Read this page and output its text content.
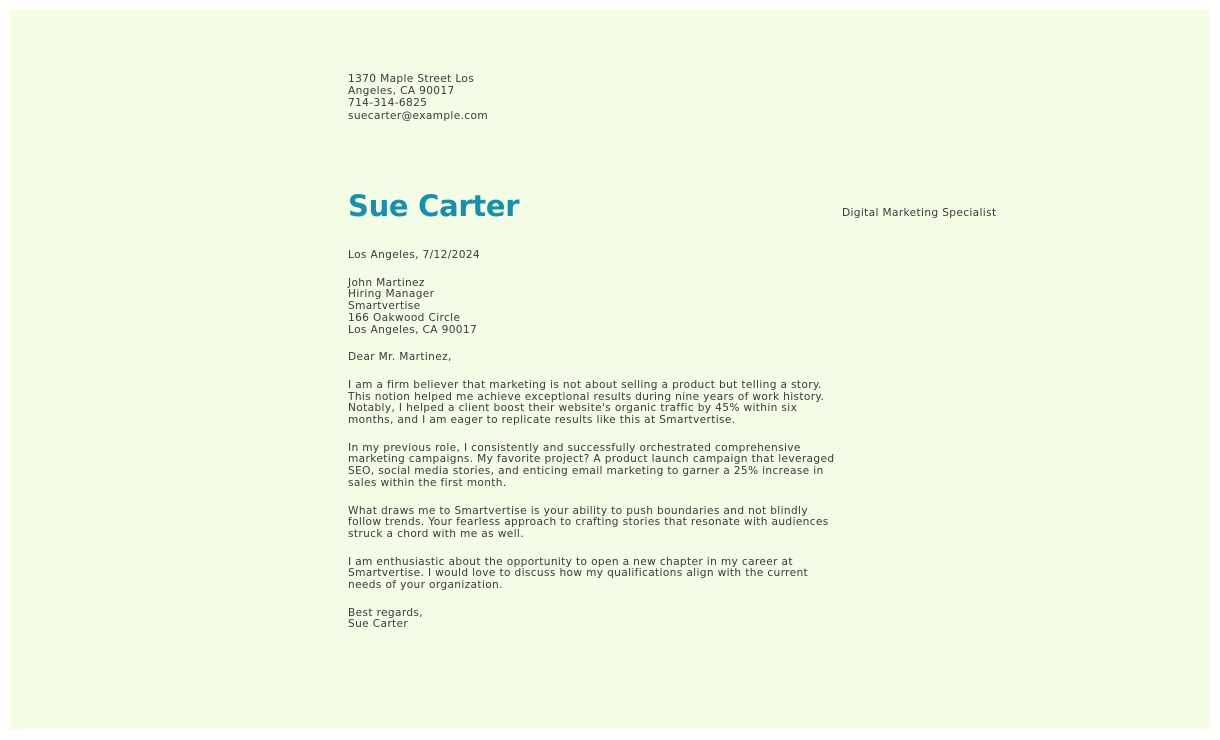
1370 Maple Street Los
Angeles, CA 90017
714-314-6825
suecarter@example.com
Sue Carter	Digital Marketing Specialist
Los Angeles, 7/12/2024
John Martinez
Hiring Manager
Smartvertise
166 Oakwood Circle
Los Angeles, CA 90017
Dear Mr. Martinez,
I am a firm believer that marketing is not about selling a product but telling a story.
This notion helped me achieve exceptional results during nine years of work history.
Notably, I helped a client boost their website's organic traffic by 45% within six
months, and I am eager to replicate results like this at Smartvertise.
In my previous role, I consistently and successfully orchestrated comprehensive
marketing campaigns. My favorite project? A product launch campaign that leveraged
SEO, social media stories, and enticing email marketing to garner a 25% increase in
sales within the first month.
What draws me to Smartvertise is your ability to push boundaries and not blindly
follow trends. Your fearless approach to crafting stories that resonate with audiences
struck a chord with me as well.
I am enthusiastic about the opportunity to open a new chapter in my career at
Smartvertise. I would love to discuss how my qualifications align with the current
needs of your organization.
Best regards,
Sue Carter
